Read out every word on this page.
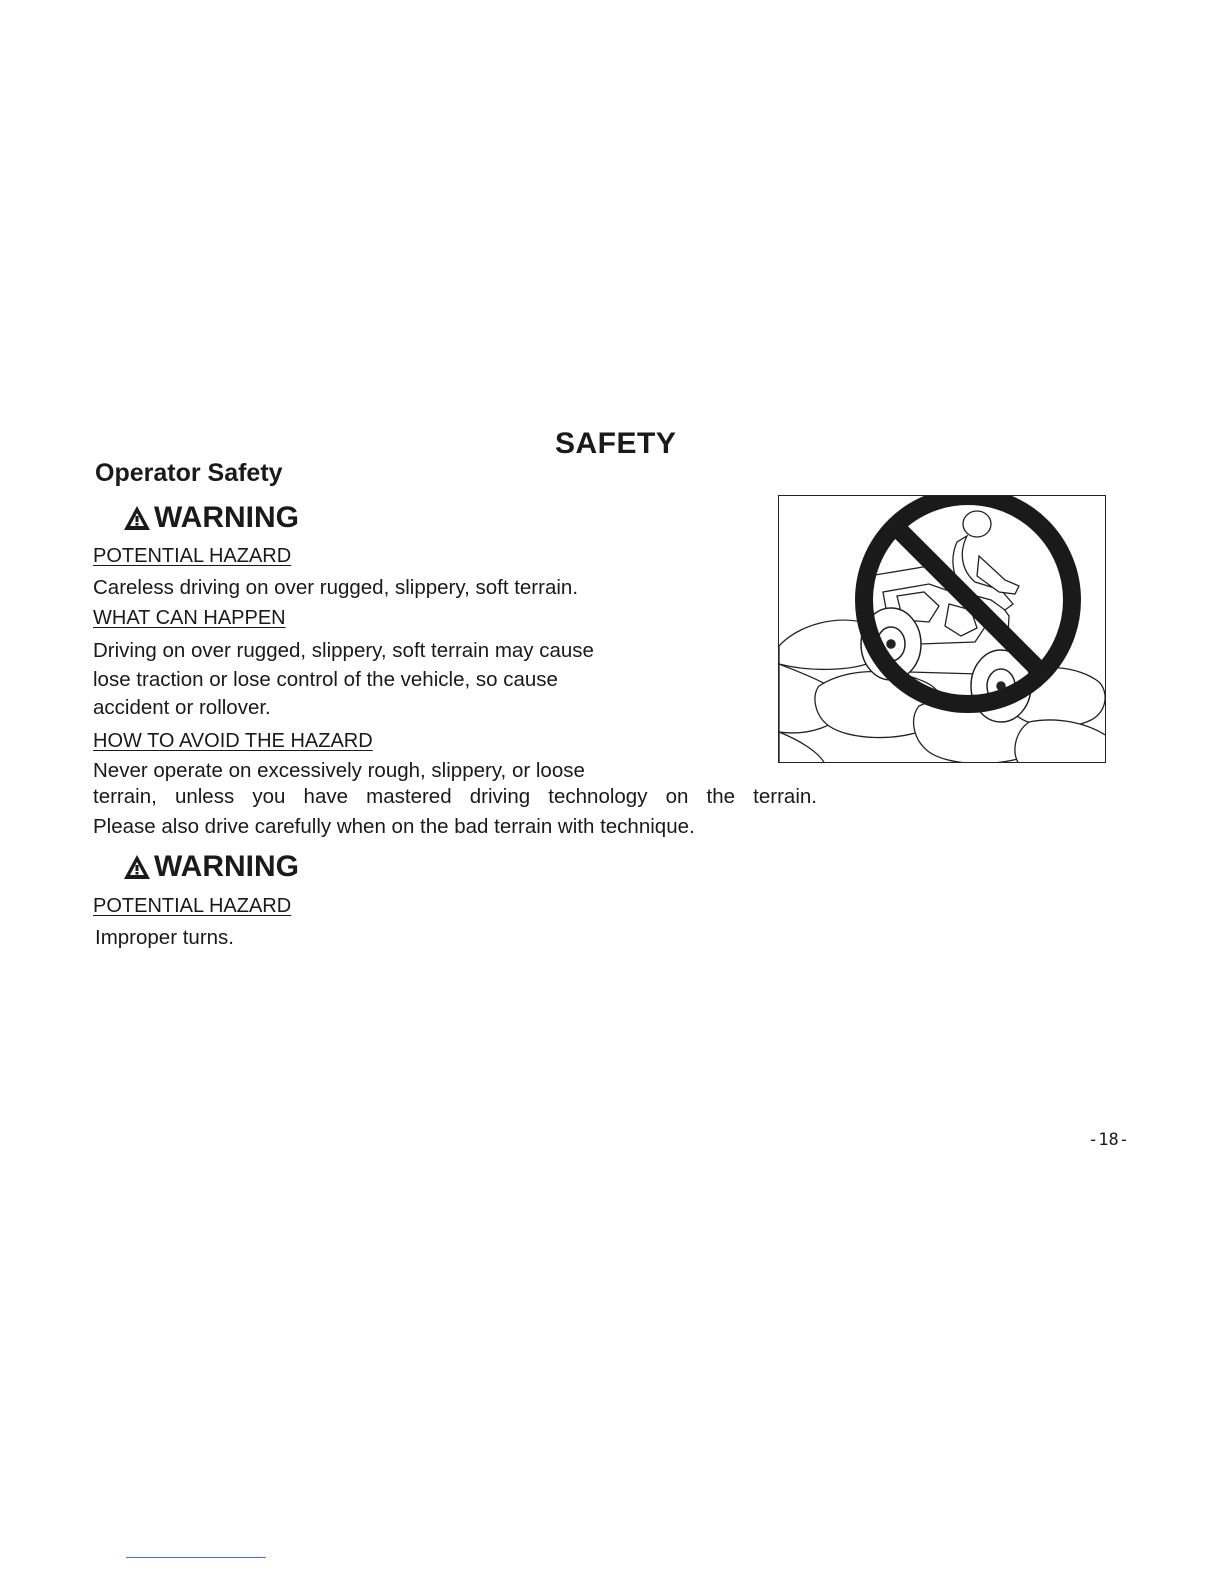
SAFETY
Operator Safety
WARNING
POTENTIAL HAZARD
Careless driving on over rugged, slippery, soft terrain.
WHAT CAN HAPPEN
Driving on over rugged, slippery, soft terrain may cause
lose traction or lose control of the vehicle, so cause
accident or rollover.
HOW TO AVOID THE HAZARD
Never operate on excessively rough, slippery, or loose
terrain, unless you have mastered driving technology on the terrain.
Please also drive carefully when on the bad terrain with technique.
WARNING
POTENTIAL HAZARD
Improper turns.
-18-
